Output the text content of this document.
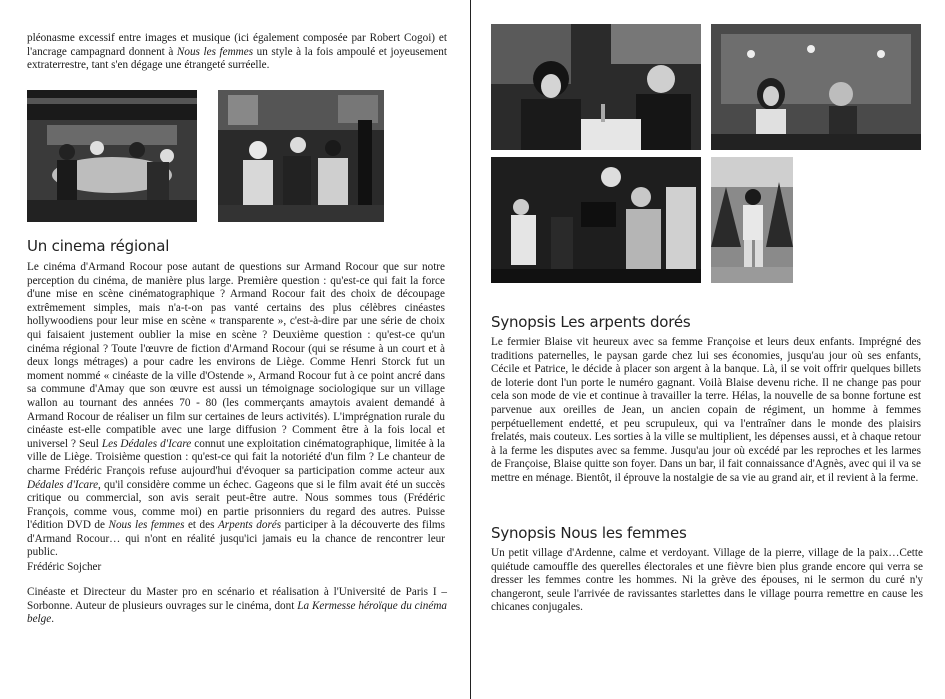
pléonasme excessif entre images et musique (ici également composée par Robert Cogoi) et l'ancrage campagnard donnent à Nous les femmes un style à la fois ampoulé et joyeusement extraterrestre, tant s'en dégage une étrangeté surréelle.

Un cinema régional

Le cinéma d'Armand Rocour pose autant de questions sur Armand Rocour que sur notre perception du cinéma, de manière plus large. Première question : qu'est-ce qui fait la force d'une mise en scène cinématographique ? Armand Rocour fait des choix de découpage extrêmement simples, mais n'a-t-on pas vanté certains des plus célèbres cinéastes hollywoodiens pour leur mise en scène « transparente », c'est-à-dire par une série de choix qui faisaient justement oublier la mise en scène ? Deuxième question : qu'est-ce qu'un cinéma régional ? Toute l'œuvre de fiction d'Armand Rocour (qui se résume à un court et à deux longs métrages) a pour cadre les environs de Liège. Comme Henri Storck fut un moment nommé « cinéaste de la ville d'Ostende », Armand Rocour fut à ce point ancré dans sa commune d'Amay que son œuvre est aussi un témoignage sociologique sur un village wallon au tournant des années 70 - 80 (les commerçants amaytois avaient demandé à Armand Rocour de réaliser un film sur certaines de leurs activités). L'imprégnation rurale du cinéaste est-elle compatible avec une large diffusion ? Comment être à la fois local et universel ? Seul Les Dédales d'Icare connut une exploitation cinématographique, limitée à la ville de Liège. Troisième question : qu'est-ce qui fait la notoriété d'un film ? Le chanteur de charme Frédéric François refuse aujourd'hui d'évoquer sa participation comme acteur aux Dédales d'Icare, qu'il considère comme un échec. Gageons que si le film avait été un succès critique ou commercial, son avis serait peut-être autre. Nous sommes tous (Frédéric François, comme vous, comme moi) en partie prisonniers du regard des autres. Puisse l'édition DVD de Nous les femmes et des Arpents dorés participer à la découverte des films d'Armand Rocour… qui n'ont en réalité jusqu'ici jamais eu la chance de rencontrer leur public.

Frédéric Sojcher

Cinéaste et Directeur du Master pro en scénario et réalisation à l'Université de Paris I – Sorbonne. Auteur de plusieurs ouvrages sur le cinéma, dont La Kermesse héroïque du cinéma belge.

Synopsis Les arpents dorés

Le fermier Blaise vit heureux avec sa femme Françoise et leurs deux enfants. Imprégné des traditions paternelles, le paysan garde chez lui ses économies, jusqu'au jour où ses enfants, Cécile et Patrice, le décide à placer son argent à la banque. Là, il se voit offrir quelques billets de loterie dont l'un porte le numéro gagnant. Voilà Blaise devenu riche. Il ne change pas pour cela son mode de vie et continue à travailler la terre. Hélas, la nouvelle de sa bonne fortune est parvenue aux oreilles de Jean, un ancien copain de régiment, un homme à femmes perpétuellement endetté, et peu scrupuleux, qui va l'entraîner dans le monde des plaisirs frelatés, mais couteux. Les sorties à la ville se multiplient, les dépenses aussi, et à chaque retour à la ferme les disputes avec sa femme. Jusqu'au jour où excédé par les reproches et les larmes de Françoise, Blaise quitte son foyer. Dans un bar, il fait connaissance d'Agnès, avec qui il va se mettre en ménage. Bientôt, il éprouve la nostalgie de sa vie au grand air, et il revient à la ferme.

Synopsis Nous les femmes

Un petit village d'Ardenne, calme et verdoyant. Village de la pierre, village de la paix…Cette quiétude camouffle des querelles électorales et une fièvre bien plus grande encore qui verra se dresser les femmes contre les hommes. Ni la grève des épouses, ni le sermon du curé n'y changeront, seule l'arrivée de ravissantes starlettes dans le village pourra remettre en cause les chicanes conjugales.
